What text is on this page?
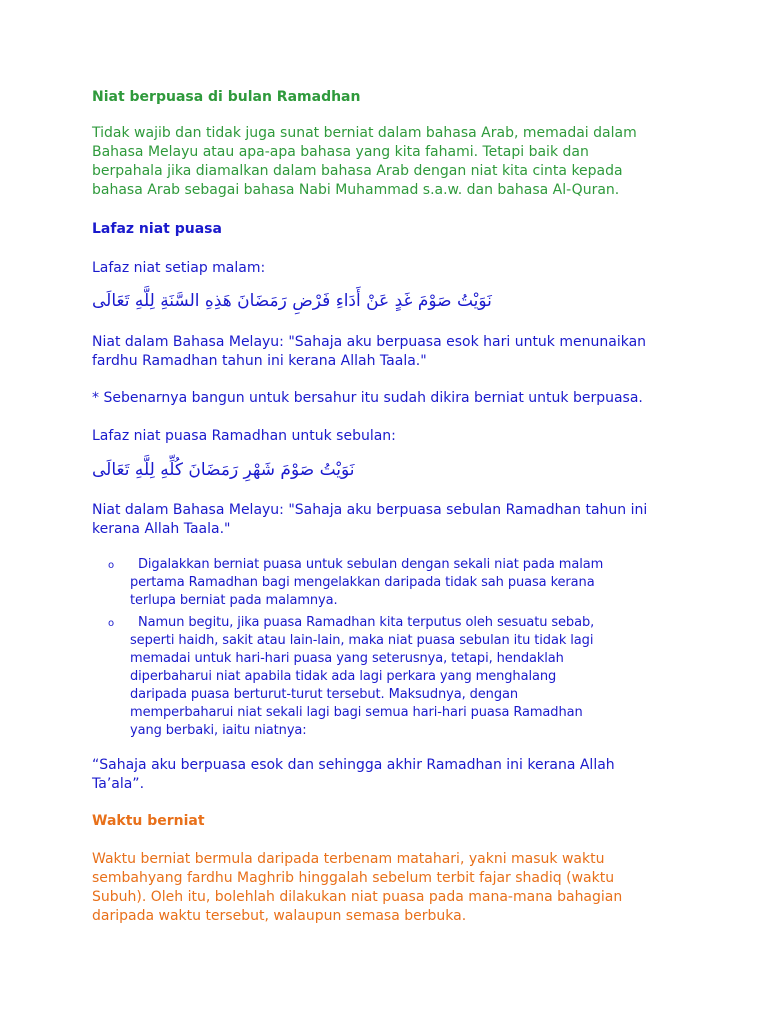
Niat berpuasa di bulan Ramadhan
Tidak wajib dan tidak juga sunat berniat dalam bahasa Arab, memadai dalam
Bahasa Melayu atau apa-apa bahasa yang kita fahami. Tetapi baik dan
berpahala jika diamalkan dalam bahasa Arab dengan niat kita cinta kepada
bahasa Arab sebagai bahasa Nabi Muhammad s.a.w. dan bahasa Al-Quran.
Lafaz niat puasa
Lafaz niat setiap malam:
نَوَيْتُ صَوْمَ غَدٍ عَنْ أَدَاءِ فَرْضِ رَمَضَانَ هَذِهِ السَّنَةِ لِلَّهِ تَعَالَى
Niat dalam Bahasa Melayu: "Sahaja aku berpuasa esok hari untuk menunaikan
fardhu Ramadhan tahun ini kerana Allah Taala."
* Sebenarnya bangun untuk bersahur itu sudah dikira berniat untuk berpuasa.
Lafaz niat puasa Ramadhan untuk sebulan:
نَوَيْتُ صَوْمَ شَهْرِ رَمَضَانَ كُلِّهِ لِلَّهِ تَعَالَى
Niat dalam Bahasa Melayu: "Sahaja aku berpuasa sebulan Ramadhan tahun ini
kerana Allah Taala."
o	Digalakkan berniat puasa untuk sebulan dengan sekali niat pada malam
pertama Ramadhan bagi mengelakkan daripada tidak sah puasa kerana
terlupa berniat pada malamnya.
o	Namun begitu, jika puasa Ramadhan kita terputus oleh sesuatu sebab,
seperti haidh, sakit atau lain-lain, maka niat puasa sebulan itu tidak lagi
memadai untuk hari-hari puasa yang seterusnya, tetapi, hendaklah
diperbaharui niat apabila tidak ada lagi perkara yang menghalang
daripada puasa berturut-turut tersebut. Maksudnya, dengan
memperbaharui niat sekali lagi bagi semua hari-hari puasa Ramadhan
yang berbaki, iaitu niatnya:
“Sahaja aku berpuasa esok dan sehingga akhir Ramadhan ini kerana Allah
Ta’ala”.
Waktu berniat
Waktu berniat bermula daripada terbenam matahari, yakni masuk waktu
sembahyang fardhu Maghrib hinggalah sebelum terbit fajar shadiq (waktu
Subuh). Oleh itu, bolehlah dilakukan niat puasa pada mana-mana bahagian
daripada waktu tersebut, walaupun semasa berbuka.
